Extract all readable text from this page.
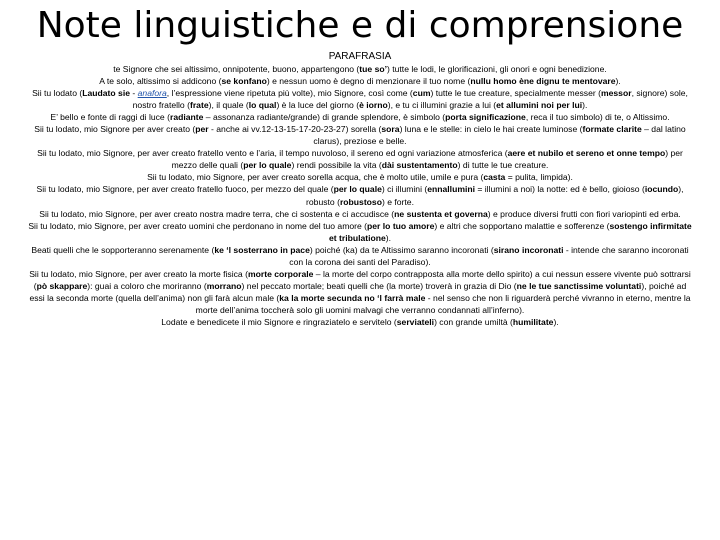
Note linguistiche e di comprensione
PARAFRASIA

te Signore che sei altissimo, onnipotente, buono, appartengono (tue so’) tutte le lodi, le glorificazioni, gli onori e ogni benedizione.

A te solo, altissimo si addicono (se konfano) e nessun uomo è degno di menzionare il tuo nome (nullu homo ène dignu te mentovare).

Sii tu lodato (Laudato sie - anafora, l’espressione viene ripetuta più volte), mio Signore, così come (cum) tutte le tue creature, specialmente messer (messor, signore) sole, nostro fratello (frate), il quale (lo qual) è la luce del giorno (è iorno), e tu ci illumini grazie a lui (et allumini noi per lui).

E’ bello e fonte di raggi di luce (radiante – assonanza radiante/grande) di grande splendore, è simbolo (porta significazione, reca il tuo simbolo) di te, o Altissimo.

Sii tu lodato, mio Signore per aver creato (per - anche ai vv.12-13-15-17-20-23-27) sorella (sora) luna e le stelle: in cielo le hai create luminose (formate clarite – dal latino clarus), preziose e belle.

Sii tu lodato, mio Signore, per aver creato fratello vento e l’aria, il tempo nuvoloso, il sereno ed ogni variazione atmosferica (aere et nubilo et sereno et onne tempo) per mezzo delle quali (per lo quale) rendi possibile la vita (dài sustentamento) di tutte le tue creature.

Sii tu lodato, mio Signore, per aver creato sorella acqua, che è molto utile, umile e pura (casta = pulita, limpida).

Sii tu lodato, mio Signore, per aver creato fratello fuoco, per mezzo del quale (per lo quale) ci illumini (ennallumini = illumini a noi) la notte: ed è bello, gioioso (iocundo), robusto (robustoso) e forte.

Sii tu lodato, mio Signore, per aver creato nostra madre terra, che ci sostenta e ci accudisce (ne sustenta et governa) e produce diversi frutti con fiori variopinti ed erba.

Sii tu lodato, mio Signore, per aver creato uomini che perdonano in nome del tuo amore (per lo tuo amore) e altri che sopportano malattie e sofferenze (sostengo infirmitate et tribulatione).

Beati quelli che le sopporteranno serenamente (ke ‘l sosterrano in pace) poiché (ka) da te Altissimo saranno incoronati (sirano incoronati - intende che saranno incoronati con la corona dei santi del Paradiso).

Sii tu lodato, mio Signore, per aver creato la morte fisica (morte corporale – la morte del corpo contrapposta alla morte dello spirito) a cui nessun essere vivente può sottrarsi (pò skappare): guai a coloro che moriranno (morrano) nel peccato mortale; beati quelli che (la morte) troverà in grazia di Dio (ne le tue sanctissime voluntati), poiché ad essi la seconda morte (quella dell’anima) non gli farà alcun male (ka la morte secunda no ‘l farrà male - nel senso che non li riguarderà perché vivranno in eterno, mentre la morte dell’anima toccherà solo gli uomini malvagi che verranno condannati all’inferno).

Lodate e benedicete il mio Signore e ringraziatelo e servitelo (serviateli) con grande umiltà (humilitate).
